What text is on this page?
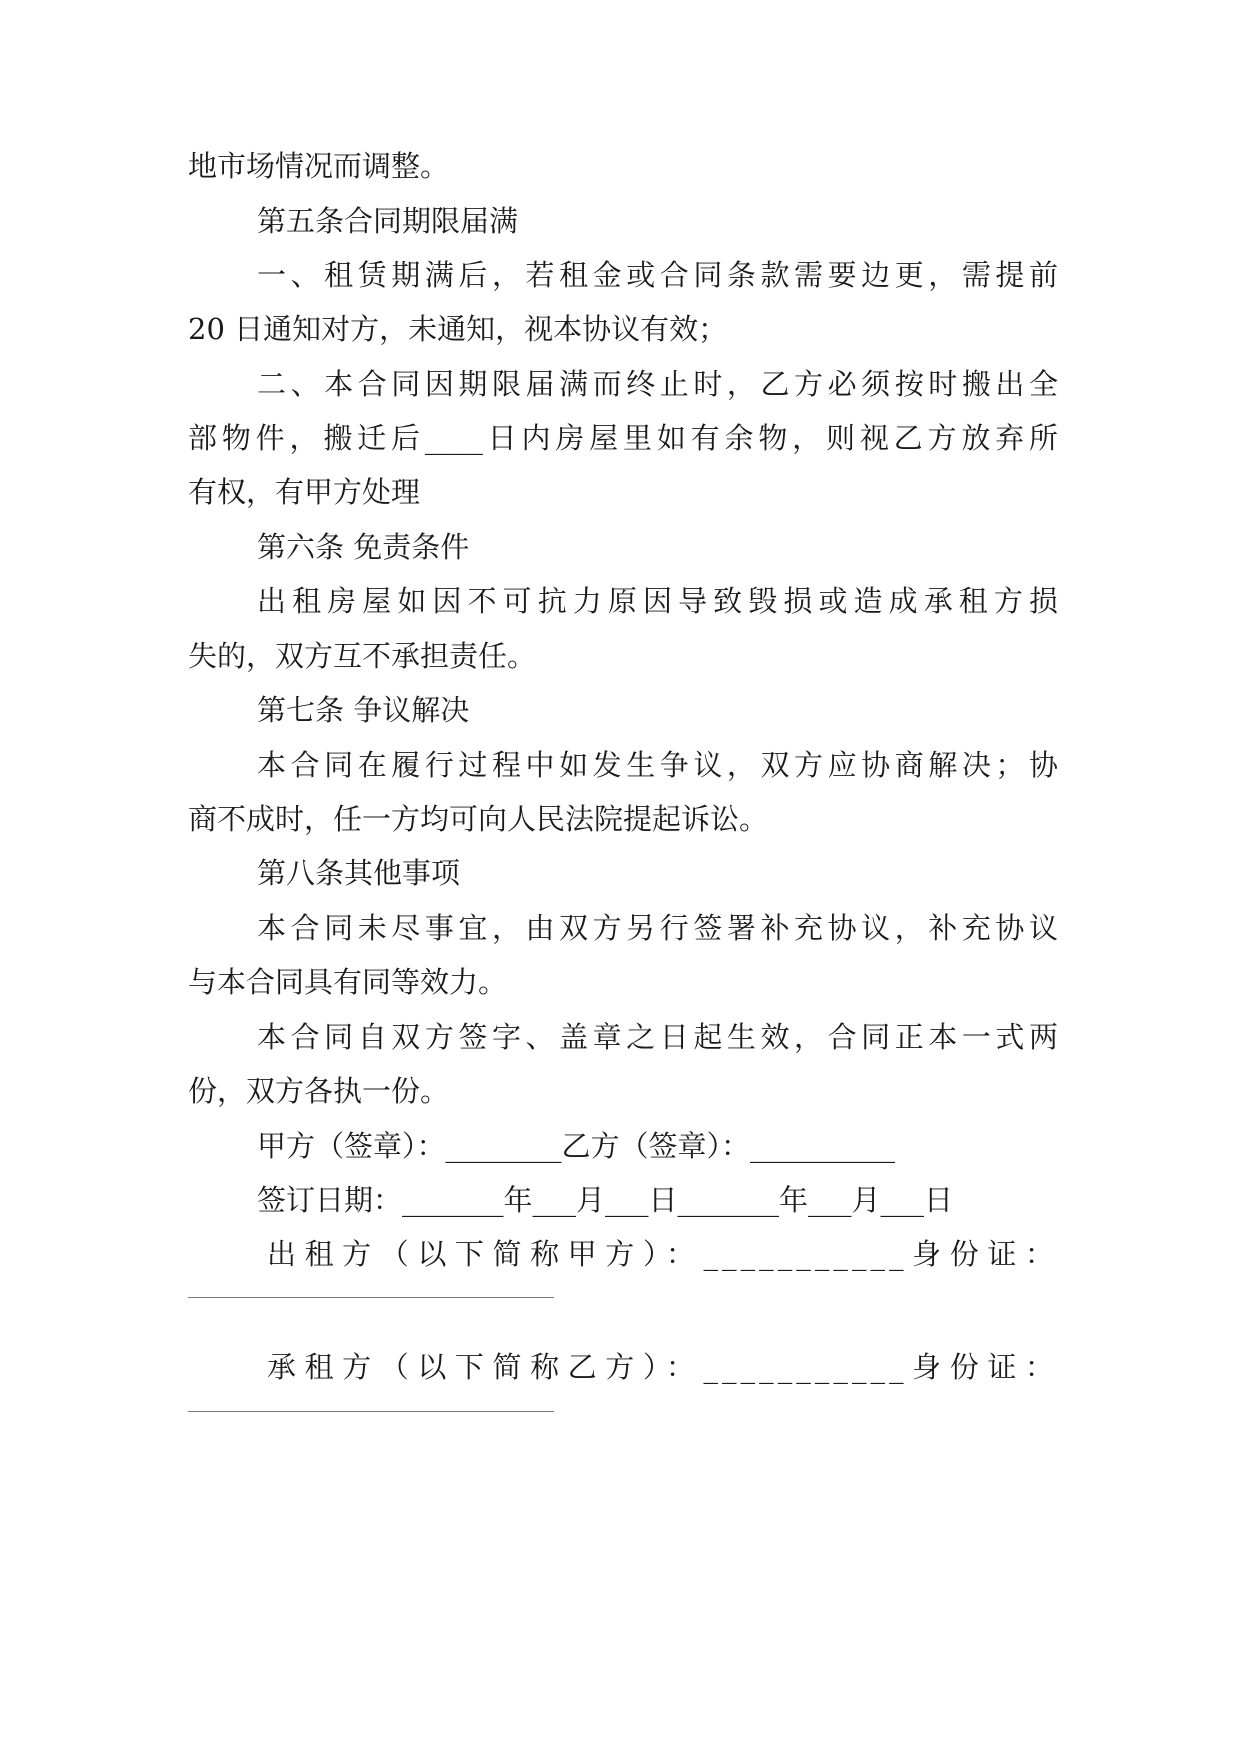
地市场情况而调整。
第五条合同期限届满
一、租赁期满后，若租金或合同条款需要边更，需提前
20 日通知对方，未通知，视本协议有效；
二、本合同因期限届满而终止时，乙方必须按时搬出全
部物件，搬迁后____日内房屋里如有余物，则视乙方放弃所
有权，有甲方处理
第六条 免责条件
出租房屋如因不可抗力原因导致毁损或造成承租方损
失的，双方互不承担责任。
第七条 争议解决
本合同在履行过程中如发生争议，双方应协商解决；协
商不成时，任一方均可向人民法院提起诉讼。
第八条其他事项
本合同未尽事宜，由双方另行签署补充协议，补充协议
与本合同具有同等效力。
本合同自双方签字、盖章之日起生效，合同正本一式两
份，双方各执一份。
甲方（签章）：________乙方（签章）：__________
签订日期：_______年___月___日_______年___月___日
出租方（以下简称甲方）：___________身份证：
承租方（以下简称乙方）：___________身份证：
